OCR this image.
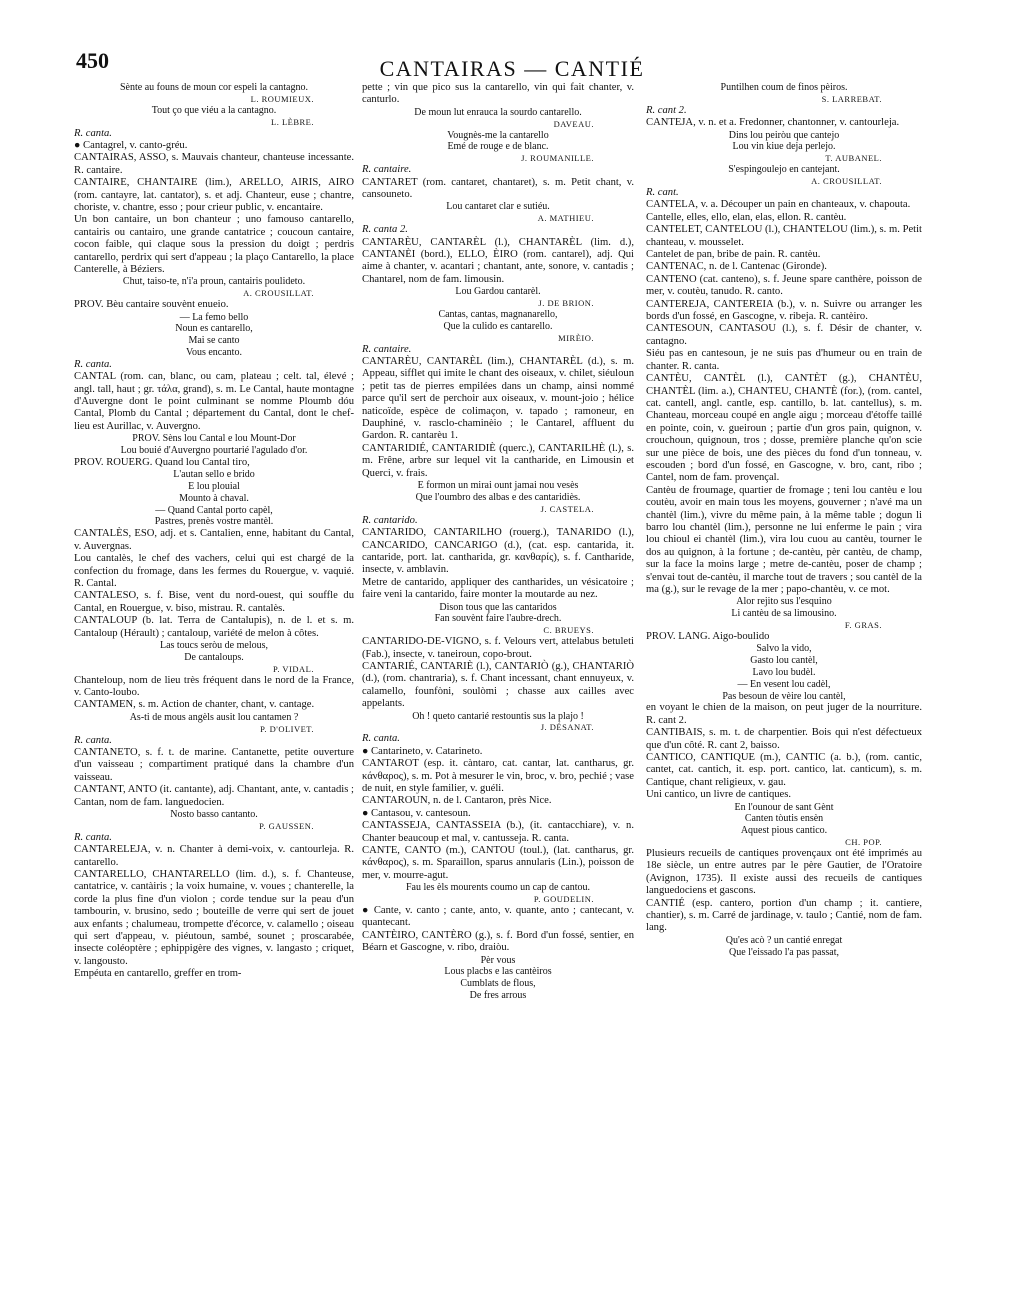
450	CANTAIRAS — CANTIÉ
Sènte au founs de moun cor espeli la cantagno.
L. ROUMIEUX.
Tout ço que viéu a la cantagno.
L. LÈBRE.
R. canta.
● Cantagrel, v. canto-gréu.
CANTAIRAS, ASSO, s. Mauvais chanteur, chanteuse incessante. R. cantaire.
CANTAIRE, CHANTAIRE (lim.), ARELLO, AIRIS, AIRO (rom. cantayre, lat. cantator), s. et adj. Chanteur, euse ; chantre, choriste, v. chantre, esso ; pour crieur public, v. encantaire.
Un bon cantaire, un bon chanteur ; uno famouso cantarello, cantairis ou cantairo, une grande cantatrice ; coucoun cantaire, cocon faible, qui claque sous la pression du doigt ; perdris cantarello, perdrix qui sert d'appeau ; la plaço Cantarello, la place Canterelle, à Béziers.
Chut, taiso-te, n'i'a proun, cantairis poulideto.
A. CROUSILLAT.
PROV. Bèu cantaire souvènt enueio.
— La femo bello
Noun es cantarello,
Mai se canto
Vous encanto.
R. canta.
CANTAL (rom. can, blanc, ou cam, plateau ; celt. tal, élevé ; angl. tall, haut ; gr. τάλα, grand), s. m. Le Cantal, haute montagne d'Auvergne dont le point culminant se nomme Ploumb dóu Cantal, Plomb du Cantal ; département du Cantal, dont le chef-lieu est Aurillac, v. Auvergno.
PROV. Sèns lou Cantal e lou Mount-Dor
Lou bouié d'Auvergno pourtarié l'agulado d'or.
PROV. ROUERG. Quand lou Cantal tiro,
L'autan sello e brido
E lou plouial
Mounto à chaval.
— Quand Cantal porto capèl,
Pastres, prenès vostre mantèl.
CANTALÈS, ESO, adj. et s. Cantalien, enne, habitant du Cantal, v. Auvergnas.
Lou cantalès, le chef des vachers, celui qui est chargé de la confection du fromage, dans les fermes du Rouergue, v. vaquié. R. Cantal.
CANTALESO, s. f. Bise, vent du nord-ouest, qui souffle du Cantal, en Rouergue, v. biso, mistrau. R. cantalès.
CANTALOUP (b. lat. Terra de Cantalupis), n. de l. et s. m. Cantaloup (Hérault) ; cantaloup, variété de melon à côtes.
Las toucs seròu de melous,
De cantaloups.
P. VIDAL.
Chanteloup, nom de lieu très fréquent dans le nord de la France, v. Canto-loubo.
CANTAMEN, s. m. Action de chanter, chant, v. cantage.
As-ti de mous angèls ausit lou cantamen ?
P. D'OLIVET.
R. canta.
CANTANETO, s. f. t. de marine. Cantanette, petite ouverture d'un vaisseau ; compartiment pratiqué dans la chambre d'un vaisseau.
CANTANT, ANTO (it. cantante), adj. Chantant, ante, v. cantadis ; Cantan, nom de fam. languedocien.
Nosto basso cantanto.
P. GAUSSEN.
R. canta.
CANTARELEJA, v. n. Chanter à demi-voix, v. cantourleja. R. cantarello.
CANTARELLO, CHANTARELLO (lim. d.), s. f. Chanteuse, cantatrice, v. cantàiris ; la voix humaine, v. voues ; chanterelle, la corde la plus fine d'un violon ; corde tendue sur la peau d'un tambourin, v. brusino, sedo ; bouteille de verre qui sert de jouet aux enfants ; chalumeau, trompette d'écorce, v. calamello ; oiseau qui sert d'appeau, v. piéutoun, sambé, sounet ; proscarabée, insecte coléoptère ; ephippigère des vignes, v. langasto ; criquet, v. langousto.
Empéuta en cantarello, greffer en trom-
pette ; vin que pico sus la cantarello, vin qui fait chanter, v. canturlo.
De moun lut enrauca la sourdo cantarello.
DAVEAU.
Vougnès-me la cantarello
Emé de rouge e de blanc.
J. ROUMANILLE.
R. cantaire.
CANTARET (rom. cantaret, chantaret), s. m. Petit chant, v. cansouneto.
Lou cantaret clar e sutiéu.
A. MATHIEU.
R. canta 2.
CANTARÈU, CANTARÈL (l.), CHANTARÈL (lim. d.), CANTANÈI (bord.), ELLO, ÈIRO (rom. cantarel), adj. Qui aime à chanter, v. acantari ; chantant, ante, sonore, v. cantadis ; Chantarel, nom de fam. limousin.
Lou Gardou cantarèl.
J. DE BRION.
Cantas, cantas, magnanarello,
Que la culido es cantarello.
MIRÈIO.
R. cantaire.
CANTARÈU, CANTARÈL (lim.), CHANTARÈL (d.), s. m. Appeau, sifflet qui imite le chant des oiseaux, v. chilet, siéuloun ; petit tas de pierres empilées dans un champ, ainsi nommé parce qu'il sert de perchoir aux oiseaux, v. mount-joio ; hélice naticoïde, espèce de colimaçon, v. tapado ; ramoneur, en Dauphiné, v. rasclo-chaminèio ; le Cantarel, affluent du Gardon. R. cantarèu 1.
CANTARIDIÉ, CANTARIDIÈ (querc.), CANTARILHÈ (l.), s. m. Frêne, arbre sur lequel vit la cantharide, en Limousin et Querci, v. frais.
E formon un mirai ount jamai nou vesès
Que l'oumbro des albas e des cantaridiès.
J. CASTELA.
R. cantarido.
CANTARIDO, CANTARILHO (rouerg.), TANARIDO (l.), CANCARIDO, CANCARIGO (d.), (cat. esp. cantarida, it. cantaride, port. lat. cantharida, gr. κανθαρίς), s. f. Cantharide, insecte, v. amblavin.
Metre de cantarido, appliquer des cantharides, un vésicatoire ; faire veni la cantarido, faire monter la moutarde au nez.
Dison tous que las cantaridos
Fan souvènt faire l'aubre-drech.
C. BRUEYS.
CANTARIDO-DE-VIGNO, s. f. Velours vert, attelabus betuleti (Fab.), insecte, v. taneiroun, copo-brout.
CANTARIÉ, CANTARIÈ (l.), CANTARIÒ (g.), CHANTARIÒ (d.), (rom. chantraria), s. f. Chant incessant, chant ennuyeux, v. calamello, founfòni, soulòmi ; chasse aux cailles avec appelants.
Oh ! queto cantarié restountis sus la plajo !
J. DÉSANAT.
R. canta.
● Cantarineto, v. Catarineto.
CANTAROT (esp. it. càntaro, cat. cantar, lat. cantharus, gr. κάνθαρος), s. m. Pot à mesurer le vin, broc, v. bro, pechié ; vase de nuit, en style familier, v. guéli.
CANTAROUN, n. de l. Cantaron, près Nice.
● Cantasou, v. cantesoun.
CANTASSEJA, CANTASSEIA (b.), (it. cantacchiare), v. n. Chanter beaucoup et mal, v. cantusseja. R. canta.
CANTE, CANTO (m.), CANTOU (toul.), (lat. cantharus, gr. κάνθαρος), s. m. Sparaillon, sparus annularis (Lin.), poisson de mer, v. mourre-agut.
Fau les èls mourents coumo un cap de cantou.
P. GOUDELIN.
● Cante, v. canto ; cante, anto, v. quante, anto ; cantecant, v. quantecant.
CANTÈIRO, CANTÈRO (g.), s. f. Bord d'un fossé, sentier, en Béarn et Gascogne, v. ribo, draiòu.
Pèr vous
Lous placbs e las cantèiros
Cumblats de flous,
De fres arrous
Puntilhen coum de finos pèiros.
S. LARREBAT.
R. cant 2.
CANTEJA, v. n. et a. Fredonner, chantonner, v. cantourleja.
Dins lou peiròu que cantejo
Lou vin kiue deja perlejo.
T. AUBANEL.
S'espingoulejo en cantejant.
A. CROUSILLAT.
R. cant.
CANTELA, v. a. Découper un pain en chanteaux, v. chapouta.
Cantelle, elles, ello, elan, elas, ellon. R. cantèu.
CANTELET, CANTELOU (l.), CHANTELOU (lim.), s. m. Petit chanteau, v. mousselet.
Cantelet de pan, bribe de pain. R. cantèu.
CANTENAC, n. de l. Cantenac (Gironde).
CANTENO (cat. canteno), s. f. Jeune spare canthère, poisson de mer, v. coutèu, tanudo. R. canto.
CANTEREJA, CANTEREIA (b.), v. n. Suivre ou arranger les bords d'un fossé, en Gascogne, v. ribeja. R. cantèiro.
CANTESOUN, CANTASOU (l.), s. f. Désir de chanter, v. cantagno.
Siéu pas en cantesoun, je ne suis pas d'humeur ou en train de chanter. R. canta.
CANTÈU, CANTÈL (l.), CANTÈT (g.), CHANTÈU, CHANTÈL (lim. a.), CHANTEU, CHANTÈ (for.), (rom. cantel, cat. cantell, angl. cantle, esp. cantillo, b. lat. cantellus), s. m. Chanteau, morceau coupé en angle aigu ; morceau d'étoffe taillé en pointe, coin, v. gueiroun ; partie d'un gros pain, quignon, v. crouchoun, quignoun, tros ; dosse, première planche qu'on scie sur une pièce de bois, une des pièces du fond d'un tonneau, v. escouden ; bord d'un fossé, en Gascogne, v. bro, cant, ribo ; Cantel, nom de fam. provençal.
Cantèu de froumage, quartier de fromage ; teni lou cantèu e lou coutèu, avoir en main tous les moyens, gouverner ; n'avé ma un chantèl (lim.), vivre du même pain, à la même table ; dogun li barro lou chantèl (lim.), personne ne lui enferme le pain ; vira lou chioul ei chantèl (lim.), vira lou cuou au cantèu, tourner le dos au quignon, à la fortune ; de-cantèu, pèr cantèu, de champ, sur la face la moins large ; metre de-cantèu, poser de champ ; s'envai tout de-cantèu, il marche tout de travers ; sou cantèl de la ma (g.), sur le revage de la mer ; papo-chantèu, v. ce mot.
Alor rejito sus l'esquino
Li cantèu de sa limousino.
F. GRAS.
PROV. LANG. Aigo-boulido
Salvo la vido,
Gasto lou cantèl,
Lavo lou budèl.
— En vesent lou cadèl,
Pas besoun de vèire lou cantèl,
en voyant le chien de la maison, on peut juger de la nourriture. R. cant 2.
CANTIBAIS, s. m. t. de charpentier. Bois qui n'est défectueux que d'un côté. R. cant 2, baisso.
CANTICO, CANTIQUE (m.), CANTIC (a. b.), (rom. cantic, cantet, cat. cantich, it. esp. port. cantico, lat. canticum), s. m. Cantique, chant religieux, v. gau.
Uni cantico, un livre de cantiques.
En l'ounour de sant Gènt
Canten tòutis ensèn
Aquest pious cantico.
CH. POP.
Plusieurs recueils de cantiques provençaux ont été imprimés au 18e siècle, un entre autres par le père Gautier, de l'Oratoire (Avignon, 1735). Il existe aussi des recueils de cantiques languedociens et gascons.
CANTIÉ (esp. cantero, portion d'un champ ; it. cantiere, chantier), s. m. Carré de jardinage, v. taulo ; Cantié, nom de fam. lang.
Qu'es acò ? un cantié enregat
Que l'eissado l'a pas passat,
